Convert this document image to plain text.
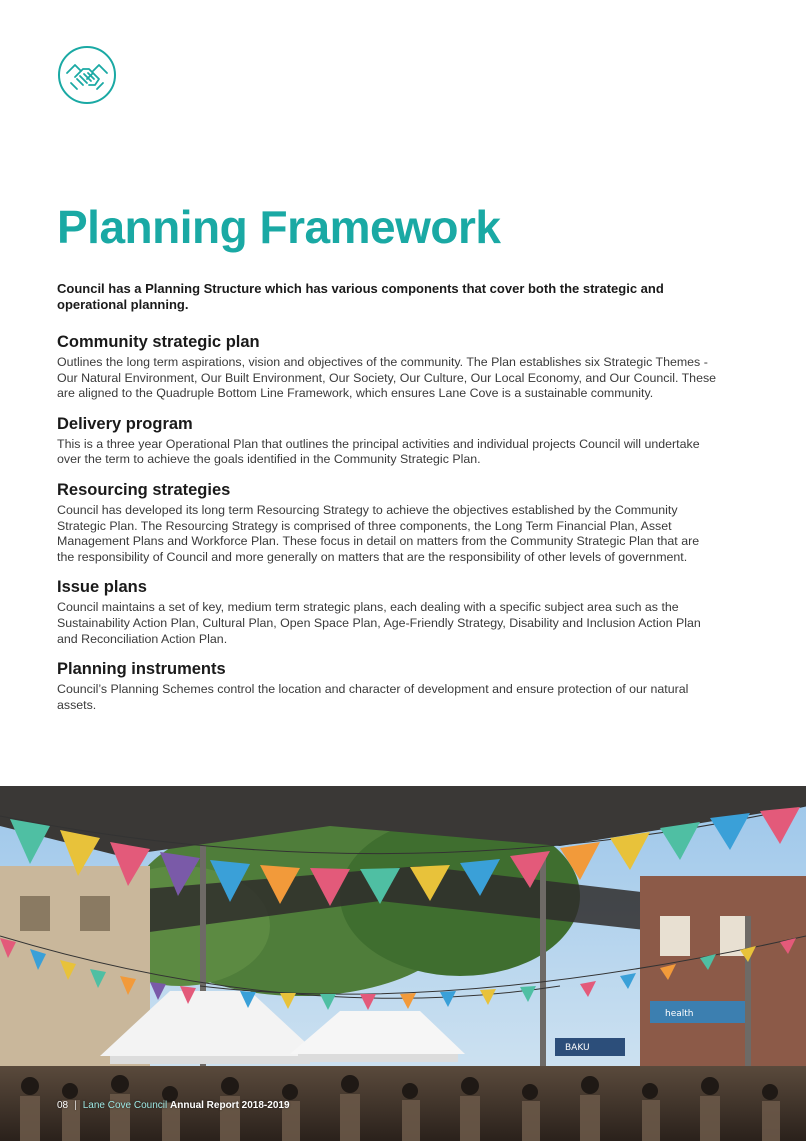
Planning Framework

Council has a Planning Structure which has various components that cover both the strategic and operational planning.

Community strategic plan

Outlines the long term aspirations, vision and objectives of the community. The Plan establishes six Strategic Themes - Our Natural Environment, Our Built Environment, Our Society, Our Culture, Our Local Economy, and Our Council. These are aligned to the Quadruple Bottom Line Framework, which ensures Lane Cove is a sustainable community.

Delivery program

This is a three year Operational Plan that outlines the principal activities and individual projects Council will undertake over the term to achieve the goals identified in the Community Strategic Plan.

Resourcing strategies

Council has developed its long term Resourcing Strategy to achieve the objectives established by the Community Strategic Plan. The Resourcing Strategy is comprised of three components, the Long Term Financial Plan, Asset Management Plans and Workforce Plan. These focus in detail on matters from the Community Strategic Plan that are the responsibility of Council and more generally on matters that are the responsibility of other levels of government.

Issue plans

Council maintains a set of key, medium term strategic plans, each dealing with a specific subject area such as the Sustainability Action Plan, Cultural Plan, Open Space Plan, Age-Friendly Strategy, Disability and Inclusion Action Plan and Reconciliation Action Plan.

Planning instruments

Council’s Planning Schemes control the location and character of development and ensure protection of our natural assets.

health
BAKU
08 | Lane Cove Council Annual Report 2018-2019
